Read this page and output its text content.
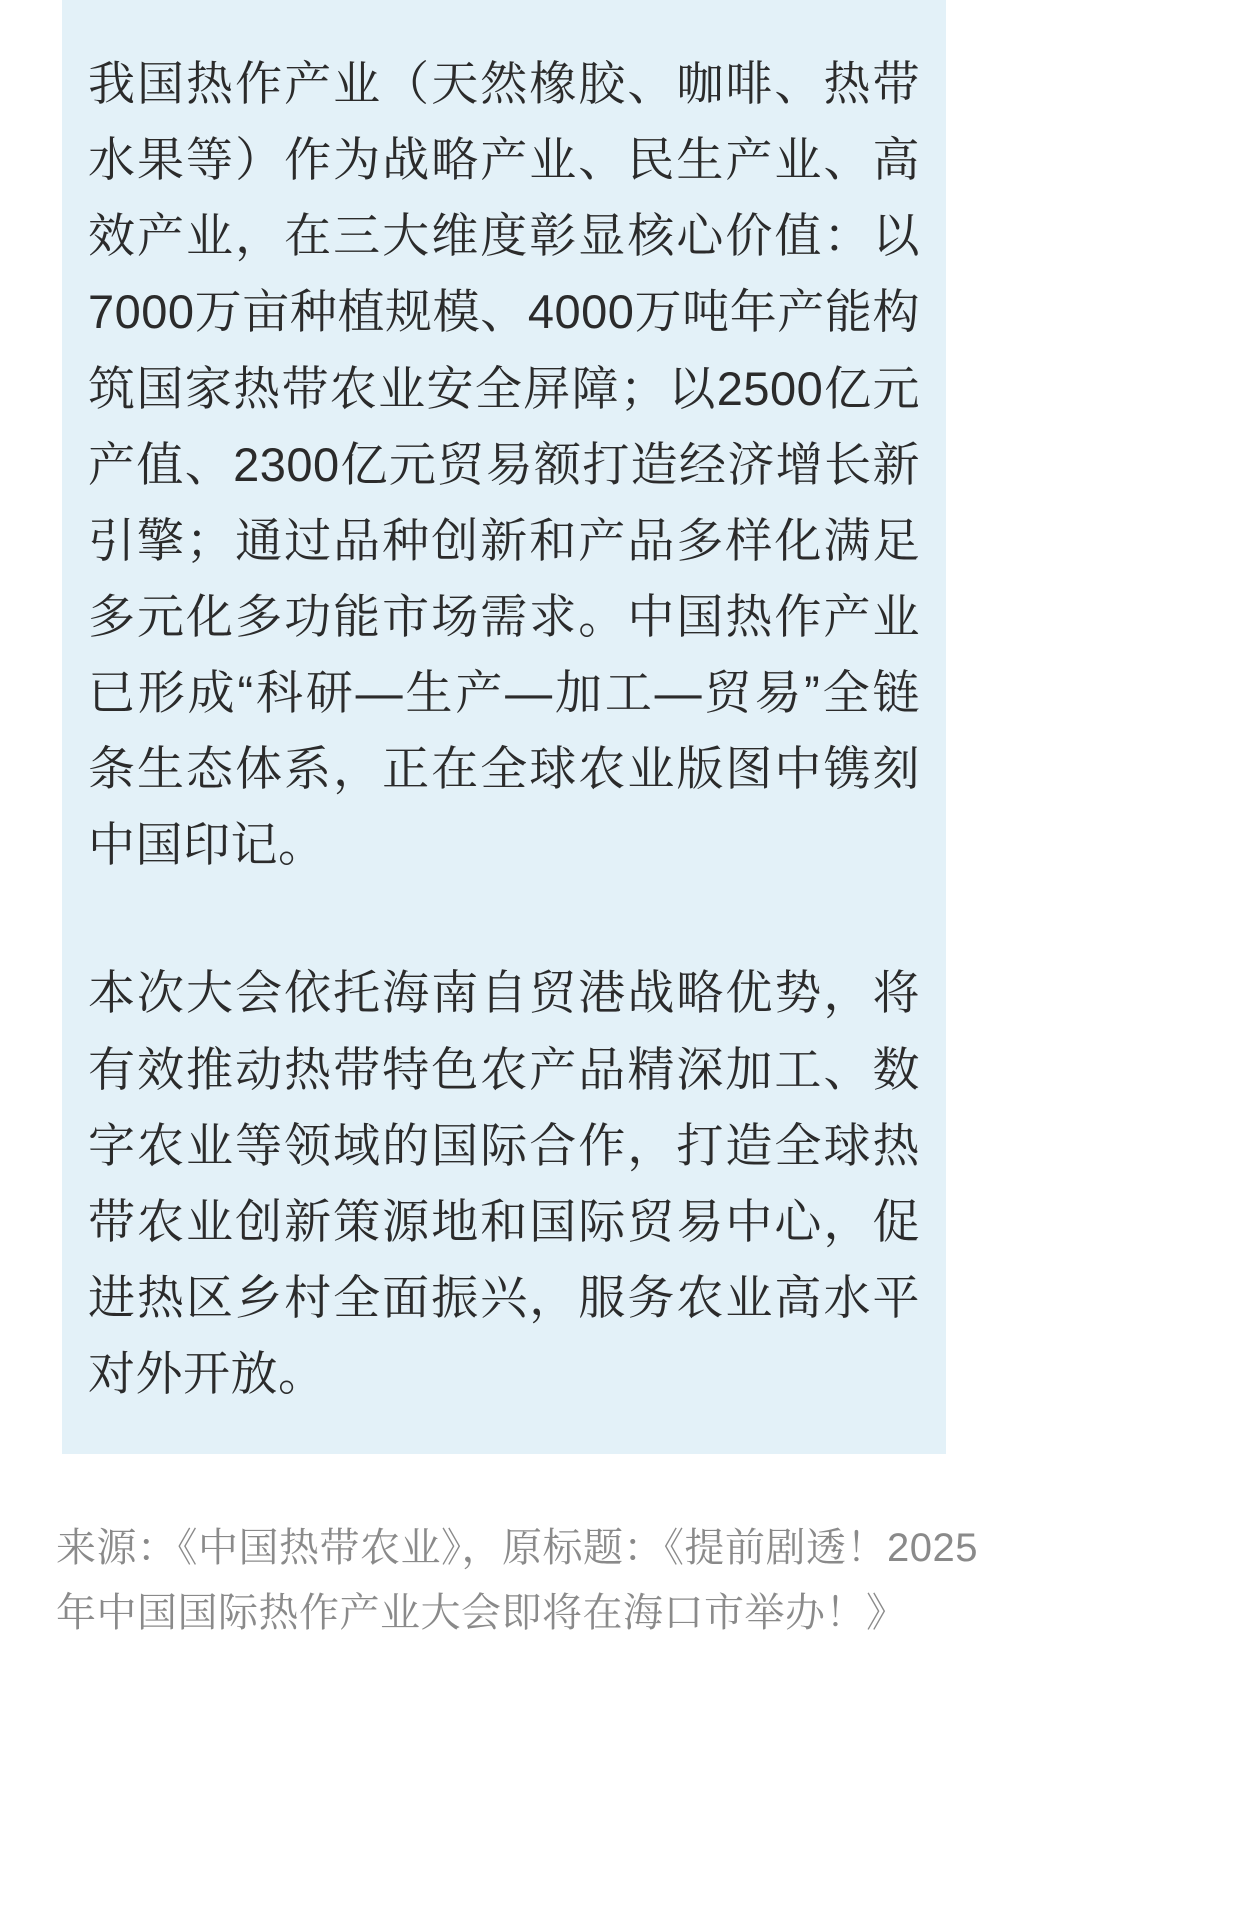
我国热作产业（天然橡胶、咖啡、热带水果等）作为战略产业、民生产业、高效产业，在三大维度彰显核心价值：以7000万亩种植规模、4000万吨年产能构筑国家热带农业安全屏障；以2500亿元产值、2300亿元贸易额打造经济增长新引擎；通过品种创新和产品多样化满足多元化多功能市场需求。中国热作产业已形成“科研—生产—加工—贸易”全链条生态体系，正在全球农业版图中镌刻中国印记。

本次大会依托海南自贸港战略优势，将有效推动热带特色农产品精深加工、数字农业等领域的国际合作，打造全球热带农业创新策源地和国际贸易中心，促进热区乡村全面振兴，服务农业高水平对外开放。

来源：《中国热带农业》，原标题：《提前剧透！2025年中国国际热作产业大会即将在海口市举办！》
